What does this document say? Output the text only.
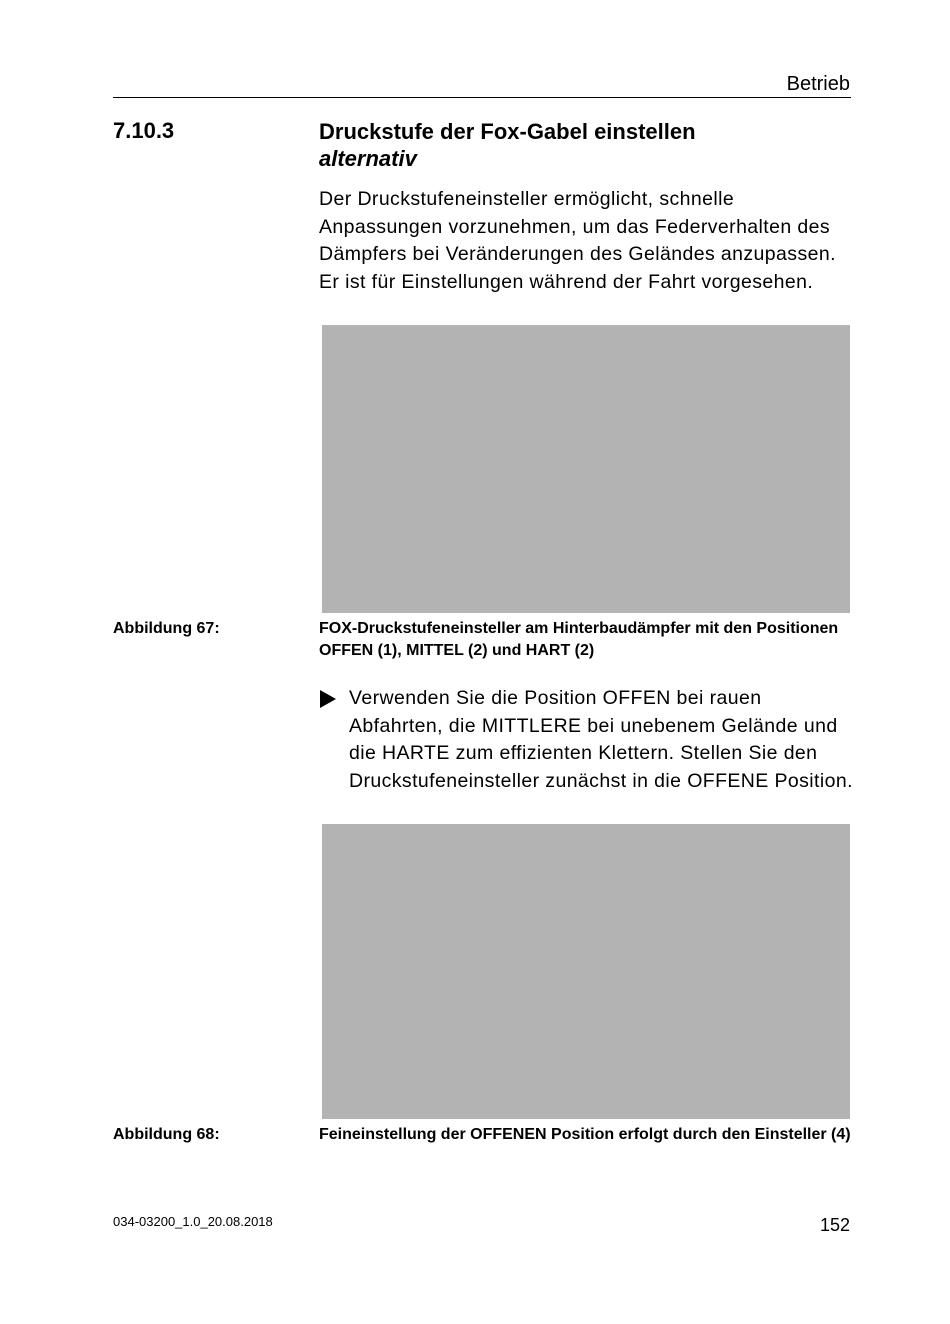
Betrieb
7.10.3	Druckstufe der Fox-Gabel einstellen
alternativ
Der Druckstufeneinsteller ermöglicht, schnelle Anpassungen vorzunehmen, um das Federverhalten des Dämpfers bei Veränderungen des Geländes anzupassen. Er ist für Einstellungen während der Fahrt vorgesehen.
Abbildung 67:	FOX-Druckstufeneinsteller am Hinterbaudämpfer mit den Positionen OFFEN (1), MITTEL (2) und HART (2)
Verwenden Sie die Position OFFEN bei rauen Abfahrten, die MITTLERE bei unebenem Gelände und die HARTE zum effizienten Klettern. Stellen Sie den Druckstufeneinsteller zunächst in die OFFENE Position.
Abbildung 68:	Feineinstellung der OFFENEN Position erfolgt durch den Einsteller (4)
034-03200_1.0_20.08.2018	152
